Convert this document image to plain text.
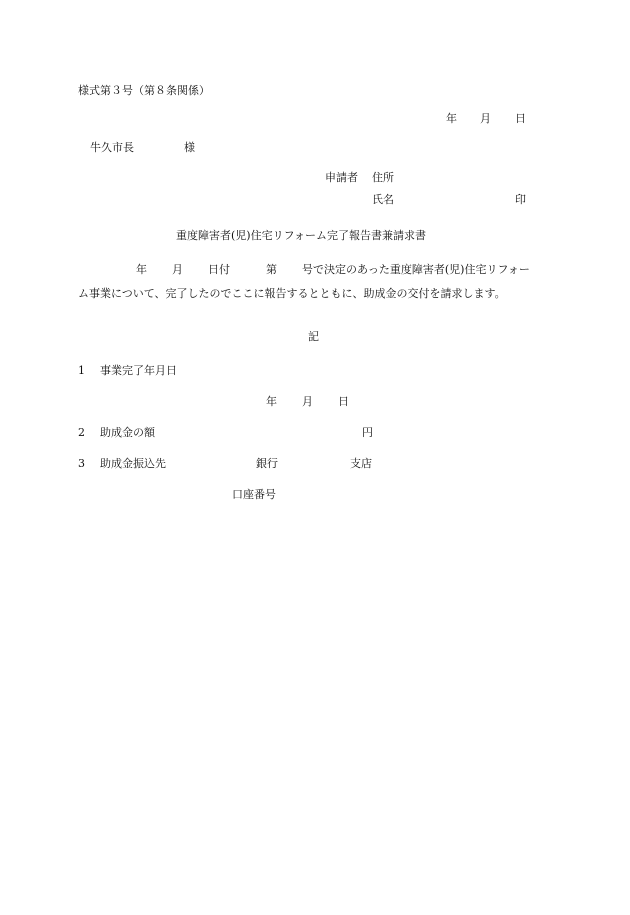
様式第３号（第８条関係）
年 月 日
牛久市長	様
申請者 住所
氏名	印
重度障害者(児)住宅リフォーム完了報告書兼請求書
年 月 日付	第 号で決定のあった重度障害者(児)住宅リフォー
ム事業について、完了したのでここに報告するとともに、助成金の交付を請求します。
記
1 事業完了年月日
年 月 日
2 助成金の額	円
3 助成金振込先	銀行	支店
口座番号
